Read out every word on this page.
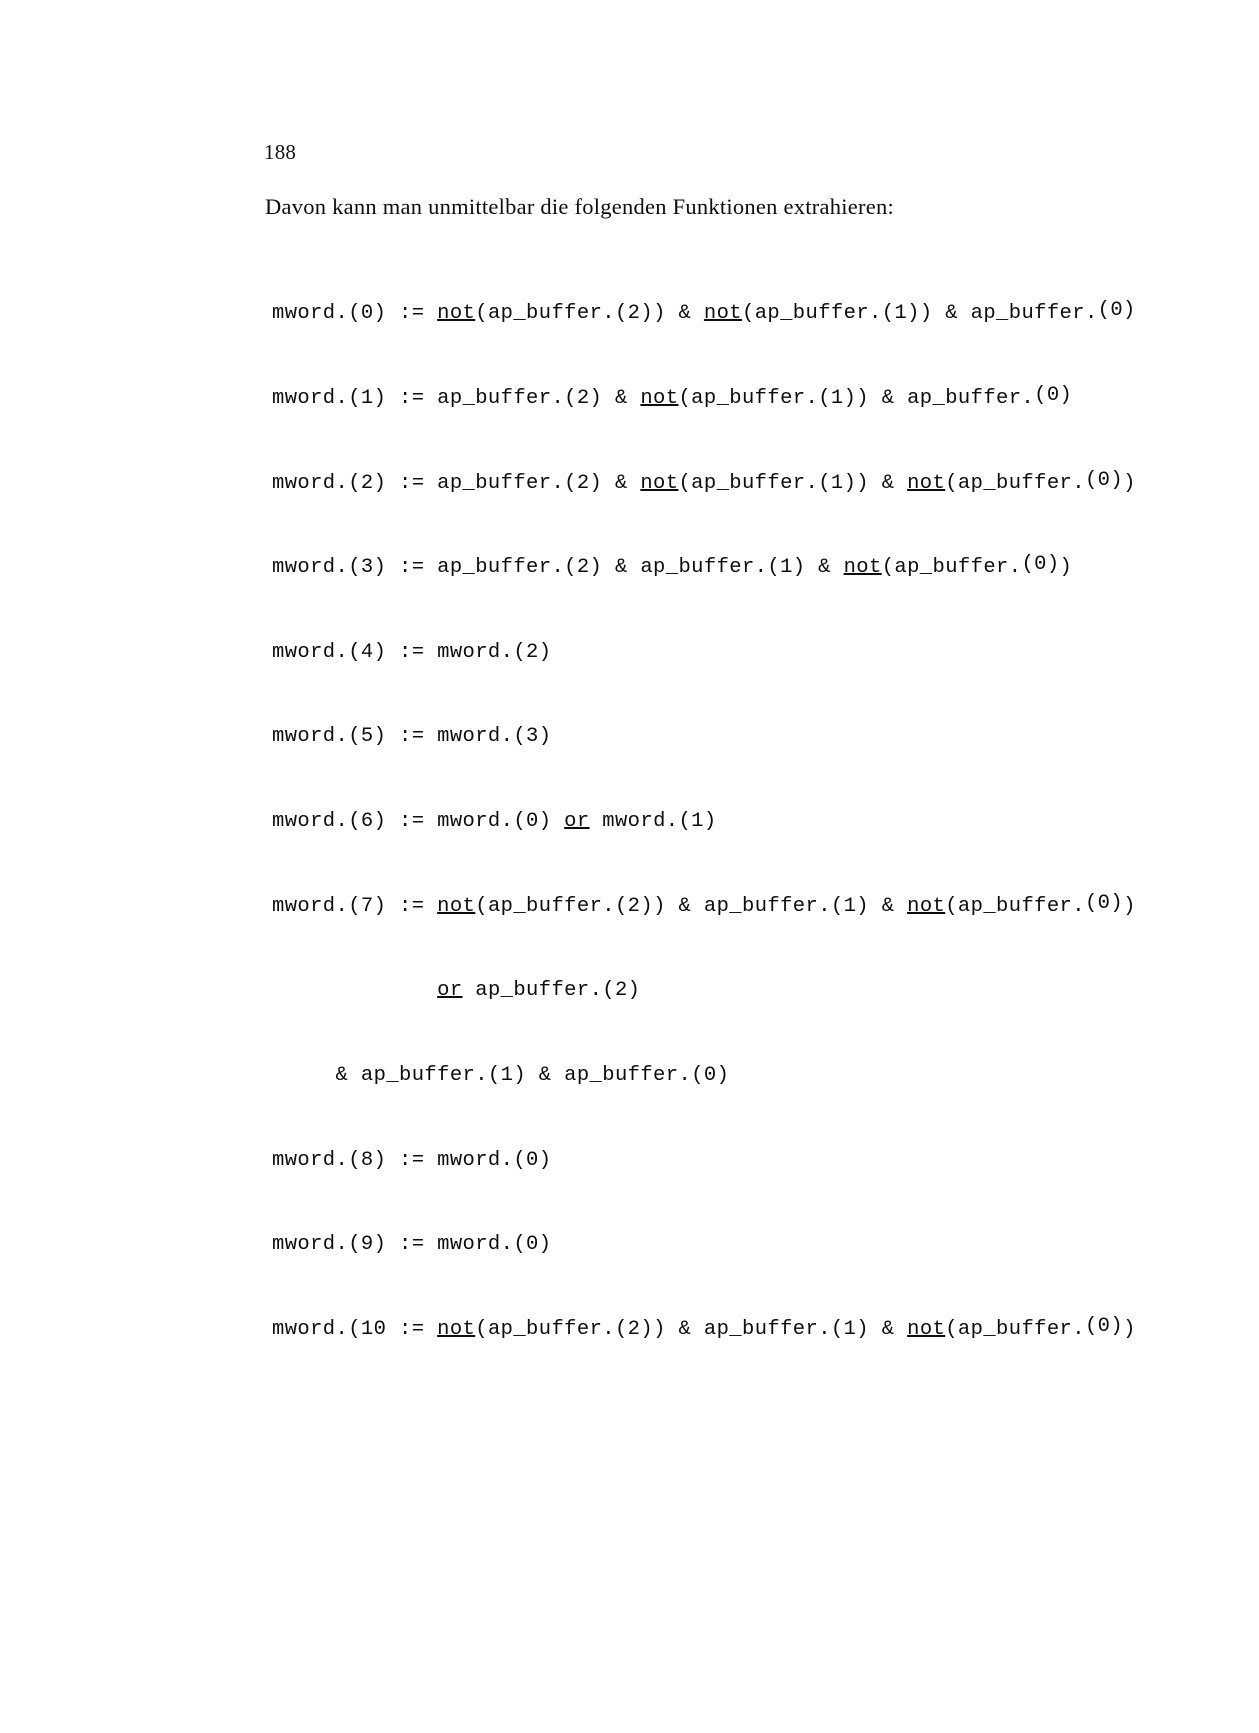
188
Davon kann man unmittelbar die folgenden Funktionen extrahieren:

mword.(0) := not(ap_buffer.(2)) & not(ap_buffer.(1)) & ap_buffer.(0)

mword.(1) := ap_buffer.(2) & not(ap_buffer.(1)) & ap_buffer.(0)

mword.(2) := ap_buffer.(2) & not(ap_buffer.(1)) & not(ap_buffer.(0))

mword.(3) := ap_buffer.(2) & ap_buffer.(1) & not(ap_buffer.(0))

mword.(4) := mword.(2)

mword.(5) := mword.(3)

mword.(6) := mword.(0) or mword.(1)

mword.(7) := not(ap_buffer.(2)) & ap_buffer.(1) & not(ap_buffer.(0))

or ap_buffer.(2)

& ap_buffer.(1) & ap_buffer.(0)

mword.(8) := mword.(0)

mword.(9) := mword.(0)

mword.(10 := not(ap_buffer.(2)) & ap_buffer.(1) & not(ap_buffer.(0))
